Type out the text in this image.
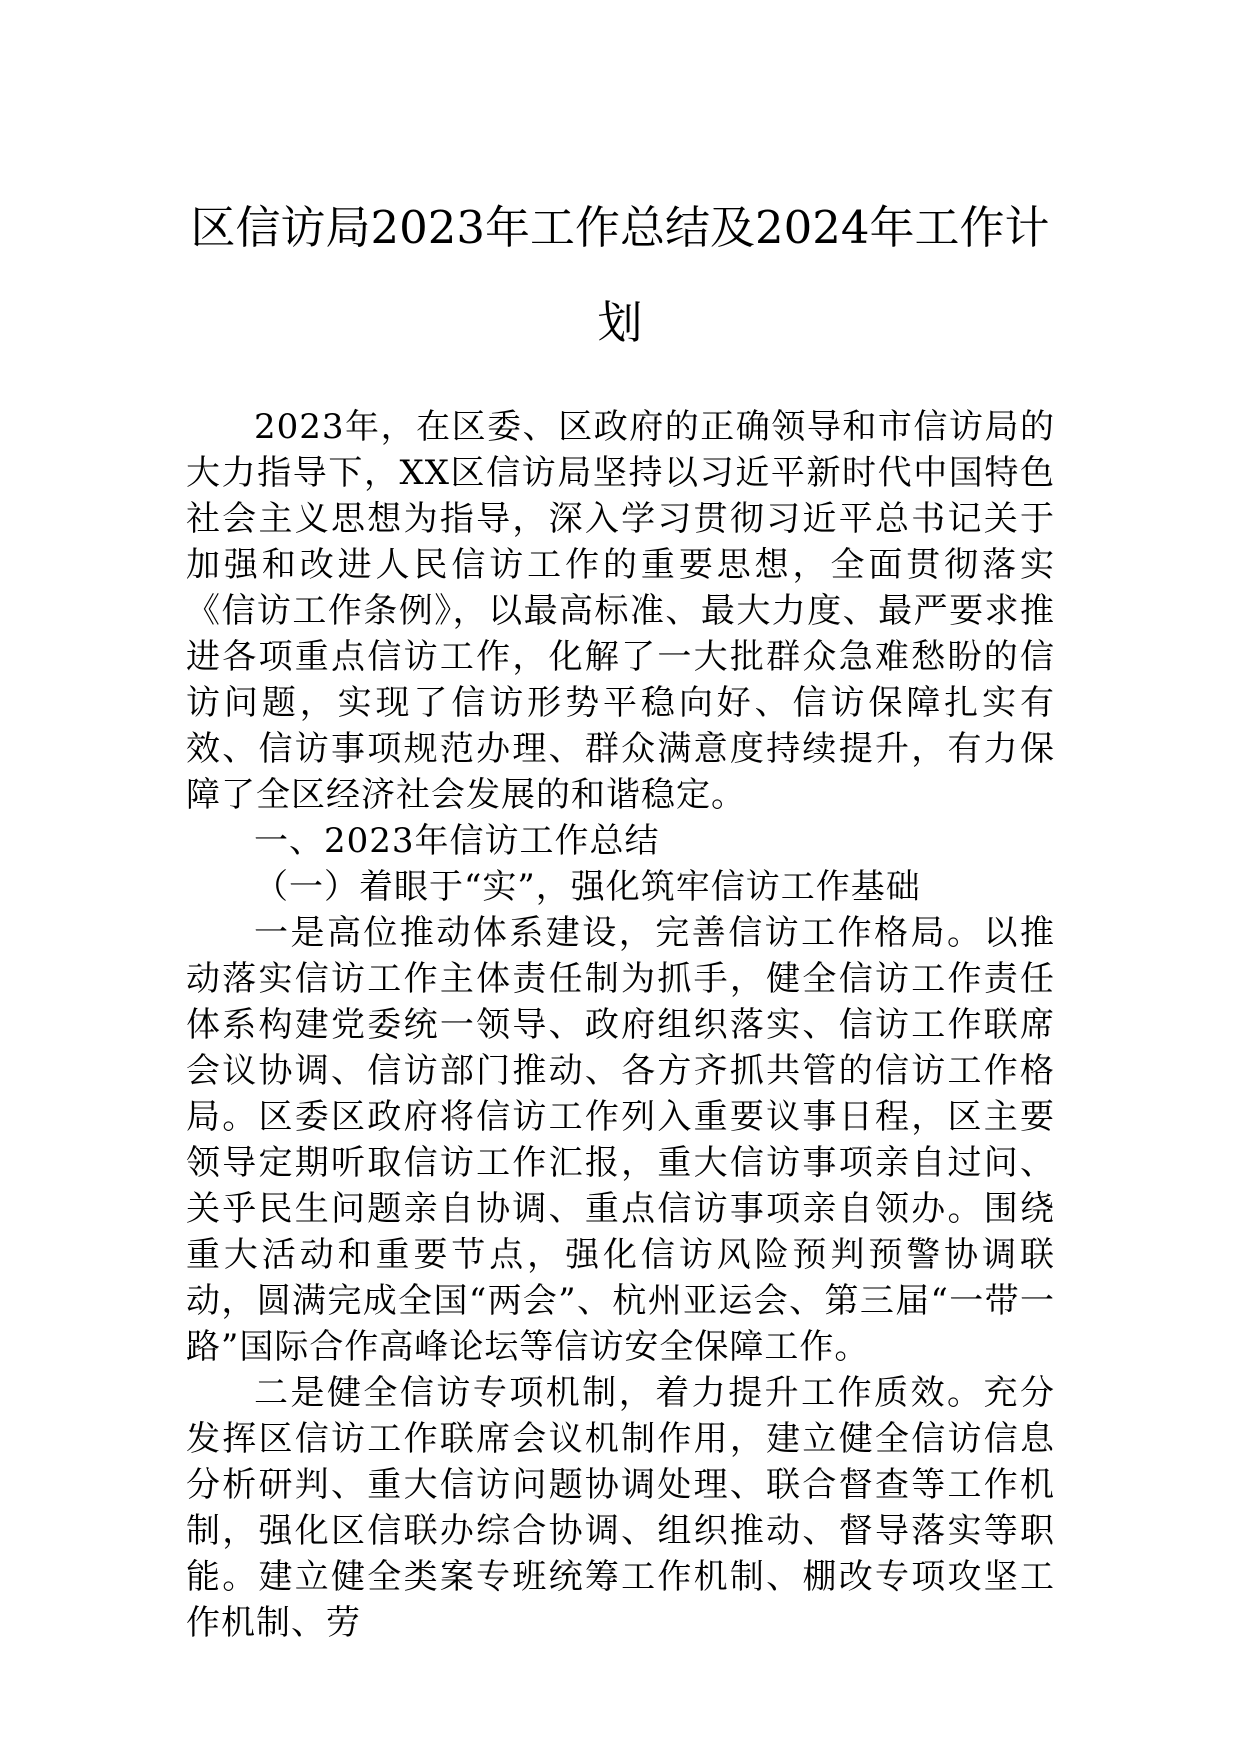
区信访局2023年工作总结及2024年工作计划

2023年，在区委、区政府的正确领导和市信访局的大力指导下，XX区信访局坚持以习近平新时代中国特色社会主义思想为指导，深入学习贯彻习近平总书记关于加强和改进人民信访工作的重要思想，全面贯彻落实《信访工作条例》，以最高标准、最大力度、最严要求推进各项重点信访工作，化解了一大批群众急难愁盼的信访问题，实现了信访形势平稳向好、信访保障扎实有效、信访事项规范办理、群众满意度持续提升，有力保障了全区经济社会发展的和谐稳定。

一、2023年信访工作总结

（一）着眼于“实”，强化筑牢信访工作基础

一是高位推动体系建设，完善信访工作格局。以推动落实信访工作主体责任制为抓手，健全信访工作责任体系构建党委统一领导、政府组织落实、信访工作联席会议协调、信访部门推动、各方齐抓共管的信访工作格局。区委区政府将信访工作列入重要议事日程，区主要领导定期听取信访工作汇报，重大信访事项亲自过问、关乎民生问题亲自协调、重点信访事项亲自领办。围绕重大活动和重要节点，强化信访风险预判预警协调联动，圆满完成全国“两会”、杭州亚运会、第三届“一带一路”国际合作高峰论坛等信访安全保障工作。

二是健全信访专项机制，着力提升工作质效。充分发挥区信访工作联席会议机制作用，建立健全信访信息分析研判、重大信访问题协调处理、联合督查等工作机制，强化区信联办综合协调、组织推动、督导落实等职能。建立健全类案专班统筹工作机制、棚改专项攻坚工作机制、劳
